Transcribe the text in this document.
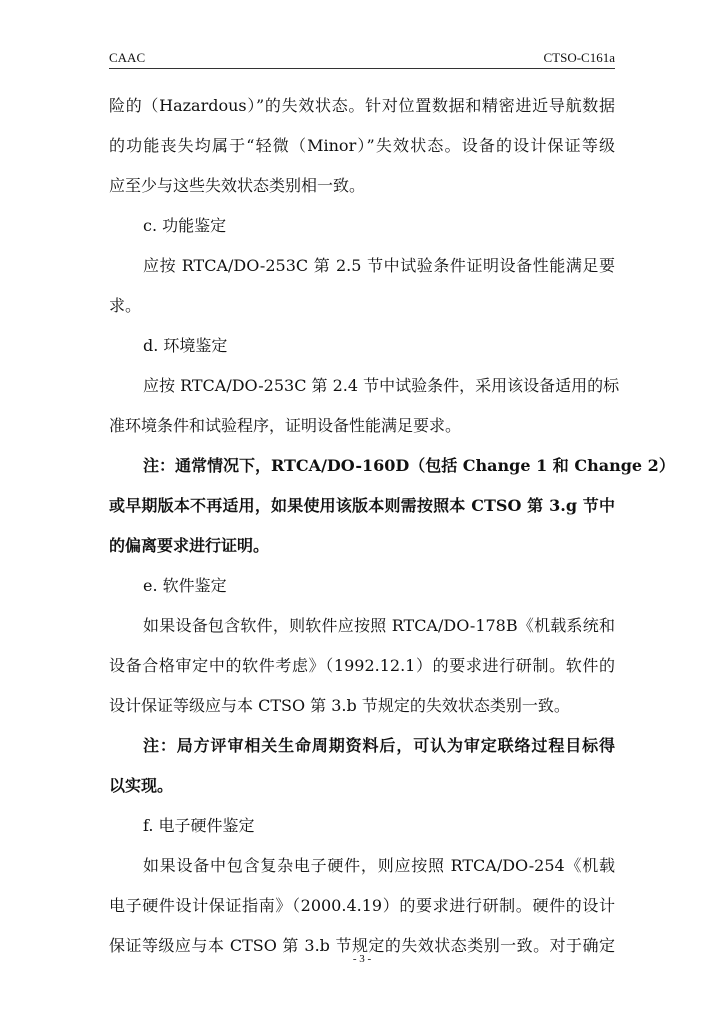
CAAC	CTSO-C161a
险的（Hazardous）”的失效状态。针对位置数据和精密进近导航数据
的功能丧失均属于“轻微（Minor）”失效状态。设备的设计保证等级
应至少与这些失效状态类别相一致。
c. 功能鉴定
应按 RTCA/DO-253C 第 2.5 节中试验条件证明设备性能满足要
求。
d. 环境鉴定
应按 RTCA/DO-253C 第 2.4 节中试验条件，采用该设备适用的标
准环境条件和试验程序，证明设备性能满足要求。
注：通常情况下，RTCA/DO-160D（包括 Change 1 和 Change 2）
或早期版本不再适用，如果使用该版本则需按照本 CTSO 第 3.g 节中
的偏离要求进行证明。
e. 软件鉴定
如果设备包含软件，则软件应按照 RTCA/DO-178B《机载系统和
设备合格审定中的软件考虑》（1992.12.1）的要求进行研制。软件的
设计保证等级应与本 CTSO 第 3.b 节规定的失效状态类别一致。
注：局方评审相关生命周期资料后，可认为审定联络过程目标得
以实现。
f. 电子硬件鉴定
如果设备中包含复杂电子硬件，则应按照 RTCA/DO-254《机载
电子硬件设计保证指南》（2000.4.19）的要求进行研制。硬件的设计
保证等级应与本 CTSO 第 3.b 节规定的失效状态类别一致。对于确定
- 3 -
